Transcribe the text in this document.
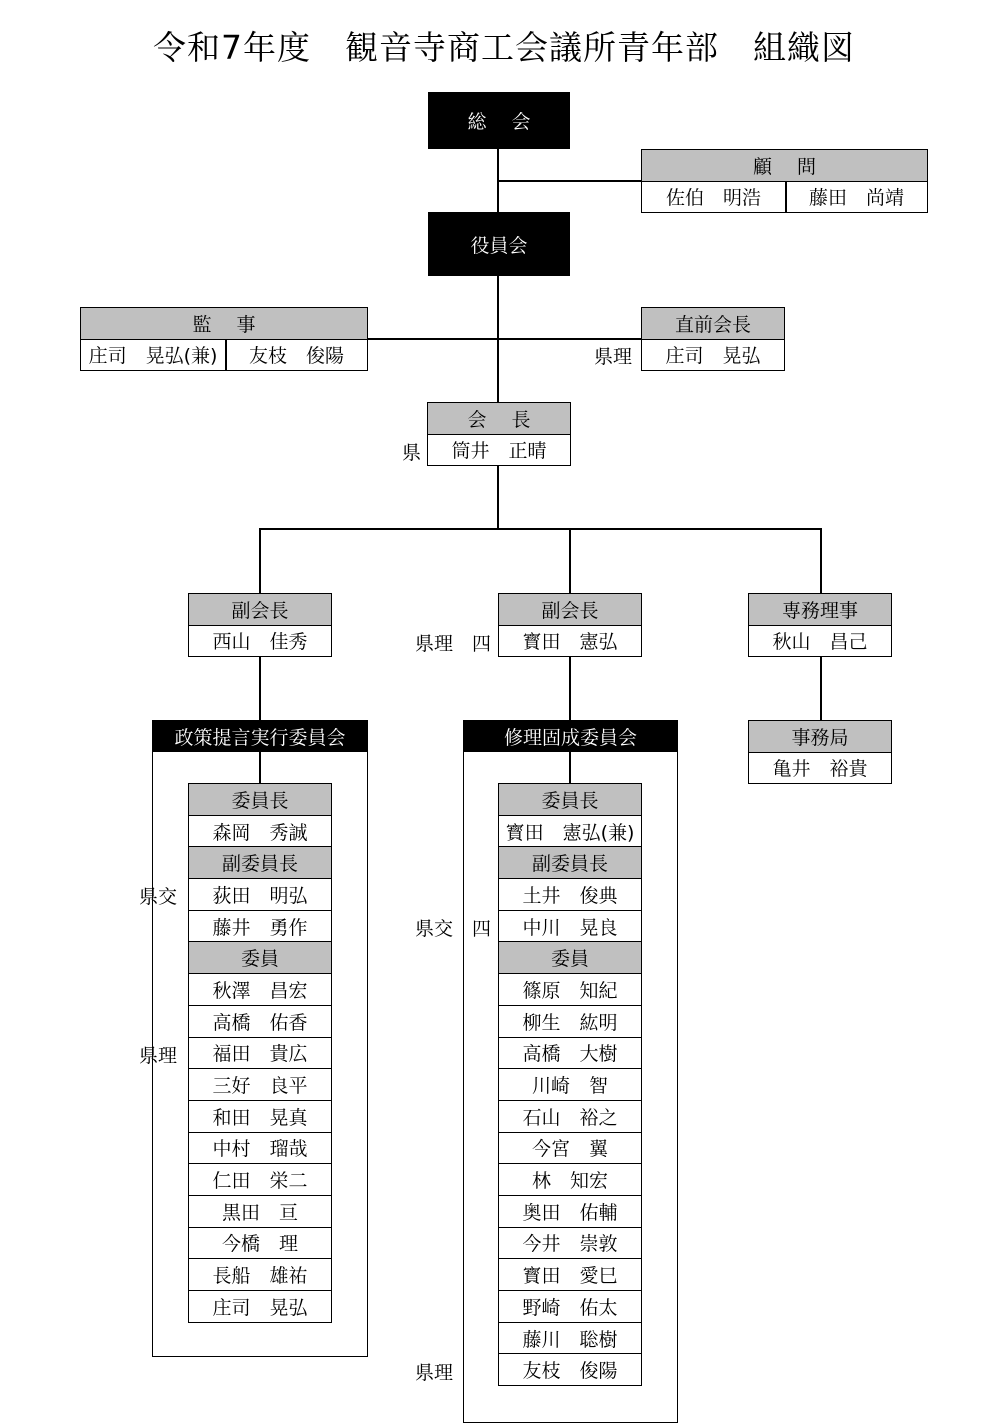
令和7年度　観音寺商工会議所青年部　組織図
総　 会
顧　 問
佐伯　明浩	藤田　尚靖
役員会
監　 事
庄司　晃弘(兼)	友枝　俊陽	県理
直前会長
庄司　晃弘
県
会　 長
筒井　正晴
副会長
西山　佳秀	県理　四
副会長
寳田　憲弘
専務理事
秋山　昌己
事務局
亀井　裕貴
政策提言実行委員会
委員長
森岡　秀誠
副委員長
荻田　明弘
藤井　勇作
委員
秋澤　昌宏
高橋　佑香
福田　貴広
三好　良平
和田　晃真
中村　瑠哉
仁田　栄二
黒田　亘
今橋　理
長船　雄祐
庄司　晃弘
修理固成委員会
委員長
寳田　憲弘(兼)
副委員長
土井　俊典
中川　晃良
委員
篠原　知紀
柳生　紘明
高橋　大樹
川崎　智
石山　裕之
今宮　翼
林　知宏
奥田　佑輔
今井　崇敦
寳田　愛巳
野崎　佑太
藤川　聡樹
友枝　俊陽
県交
県理
県交　四
県理
